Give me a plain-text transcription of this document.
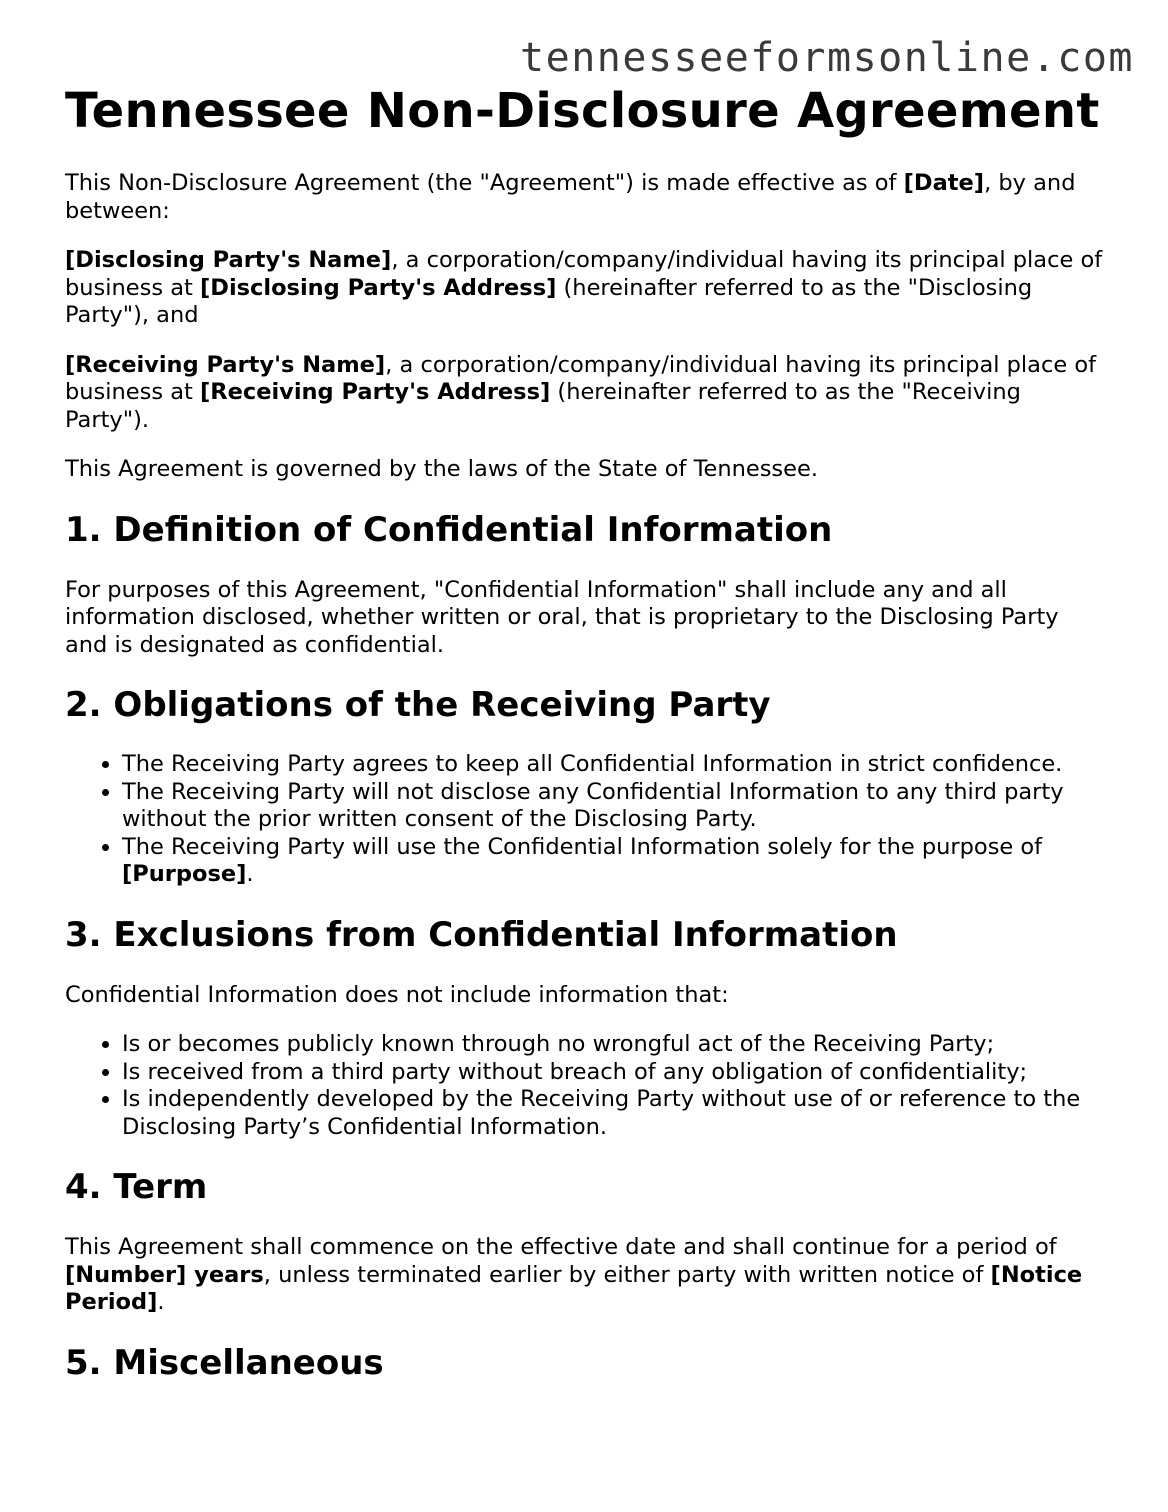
tennesseeformsonline.com
Tennessee Non-Disclosure Agreement

This Non-Disclosure Agreement (the "Agreement") is made effective as of [Date], by and between:

[Disclosing Party's Name], a corporation/company/individual having its principal place of business at [Disclosing Party's Address] (hereinafter referred to as the "Disclosing Party"), and

[Receiving Party's Name], a corporation/company/individual having its principal place of business at [Receiving Party's Address] (hereinafter referred to as the "Receiving Party").

This Agreement is governed by the laws of the State of Tennessee.

1. Definition of Confidential Information

For purposes of this Agreement, "Confidential Information" shall include any and all information disclosed, whether written or oral, that is proprietary to the Disclosing Party and is designated as confidential.

2. Obligations of the Receiving Party
• The Receiving Party agrees to keep all Confidential Information in strict confidence.
• The Receiving Party will not disclose any Confidential Information to any third party without the prior written consent of the Disclosing Party.
• The Receiving Party will use the Confidential Information solely for the purpose of [Purpose].
3. Exclusions from Confidential Information

Confidential Information does not include information that:

• Is or becomes publicly known through no wrongful act of the Receiving Party;
• Is received from a third party without breach of any obligation of confidentiality;
• Is independently developed by the Receiving Party without use of or reference to the Disclosing Party’s Confidential Information.
4. Term

This Agreement shall commence on the effective date and shall continue for a period of [Number] years, unless terminated earlier by either party with written notice of [Notice Period].

5. Miscellaneous
